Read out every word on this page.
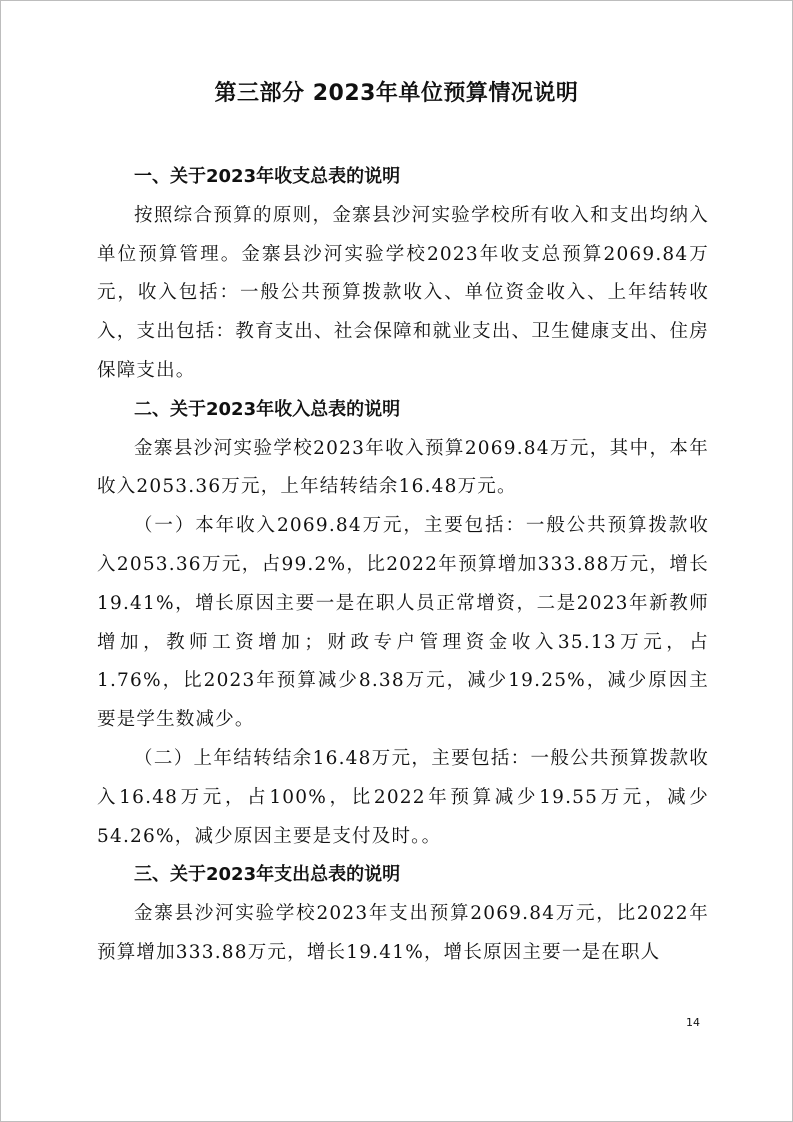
第三部分 2023年单位预算情况说明
一、关于2023年收支总表的说明
按照综合预算的原则，金寨县沙河实验学校所有收入和支出均纳入单位预算管理。金寨县沙河实验学校2023年收支总预算2069.84万元，收入包括：一般公共预算拨款收入、单位资金收入、上年结转收入，支出包括：教育支出、社会保障和就业支出、卫生健康支出、住房保障支出。
二、关于2023年收入总表的说明
金寨县沙河实验学校2023年收入预算2069.84万元，其中，本年收入2053.36万元，上年结转结余16.48万元。
（一）本年收入2069.84万元，主要包括：一般公共预算拨款收入2053.36万元，占99.2%，比2022年预算增加333.88万元，增长19.41%，增长原因主要一是在职人员正常增资，二是2023年新教师增加，教师工资增加；财政专户管理资金收入35.13万元，占1.76%，比2023年预算减少8.38万元，减少19.25%，减少原因主要是学生数减少。
（二）上年结转结余16.48万元，主要包括：一般公共预算拨款收入16.48万元，占100%，比2022年预算减少19.55万元，减少54.26%，减少原因主要是支付及时。。
三、关于2023年支出总表的说明
金寨县沙河实验学校2023年支出预算2069.84万元，比2022年预算增加333.88万元，增长19.41%，增长原因主要一是在职人
14
